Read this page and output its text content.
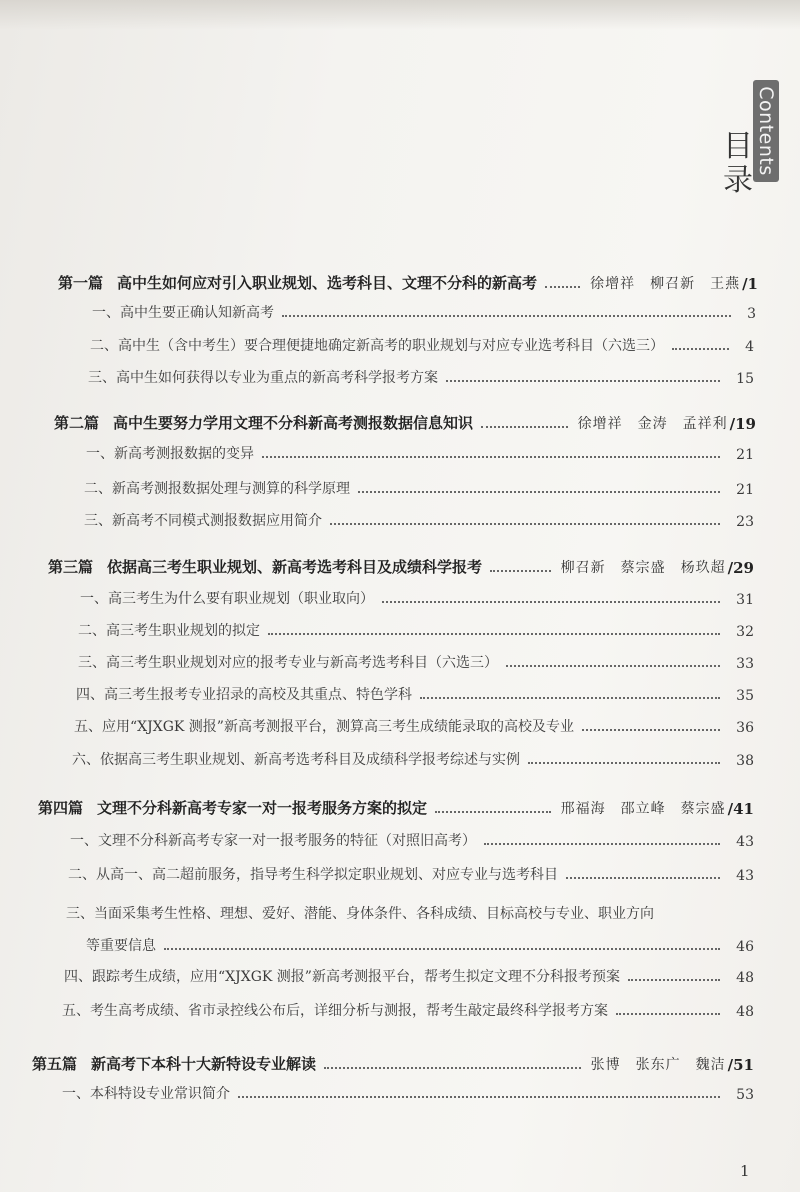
Contents
目录
第一篇 高中生如何应对引入职业规划、选考科目、文理不分科的新高考	徐增祥　柳召新　王燕 /1
一、高中生要正确认知新高考	3
二、高中生（含中考生）要合理便捷地确定新高考的职业规划与对应专业选考科目（六选三）	4
三、高中生如何获得以专业为重点的新高考科学报考方案	15
第二篇 高中生要努力学用文理不分科新高考测报数据信息知识	徐增祥　金涛　孟祥利 /19
一、新高考测报数据的变异	21
二、新高考测报数据处理与测算的科学原理	21
三、新高考不同模式测报数据应用简介	23
第三篇 依据高三考生职业规划、新高考选考科目及成绩科学报考	柳召新　蔡宗盛　杨玖超 /29
一、高三考生为什么要有职业规划（职业取向）	31
二、高三考生职业规划的拟定	32
三、高三考生职业规划对应的报考专业与新高考选考科目（六选三）	33
四、高三考生报考专业招录的高校及其重点、特色学科	35
五、应用“XJXGK 测报”新高考测报平台，测算高三考生成绩能录取的高校及专业	36
六、依据高三考生职业规划、新高考选考科目及成绩科学报考综述与实例	38
第四篇 文理不分科新高考专家一对一报考服务方案的拟定	邢福海　邵立峰　蔡宗盛 /41
一、文理不分科新高考专家一对一报考服务的特征（对照旧高考）	43
二、从高一、高二超前服务，指导考生科学拟定职业规划、对应专业与选考科目	43
三、当面采集考生性格、理想、爱好、潜能、身体条件、各科成绩、目标高校与专业、职业方向
等重要信息	46
四、跟踪考生成绩，应用“XJXGK 测报”新高考测报平台，帮考生拟定文理不分科报考预案	48
五、考生高考成绩、省市录控线公布后，详细分析与测报，帮考生敲定最终科学报考方案	48
第五篇 新高考下本科十大新特设专业解读	张博　张东广　魏洁 /51
一、本科特设专业常识简介	53
1
